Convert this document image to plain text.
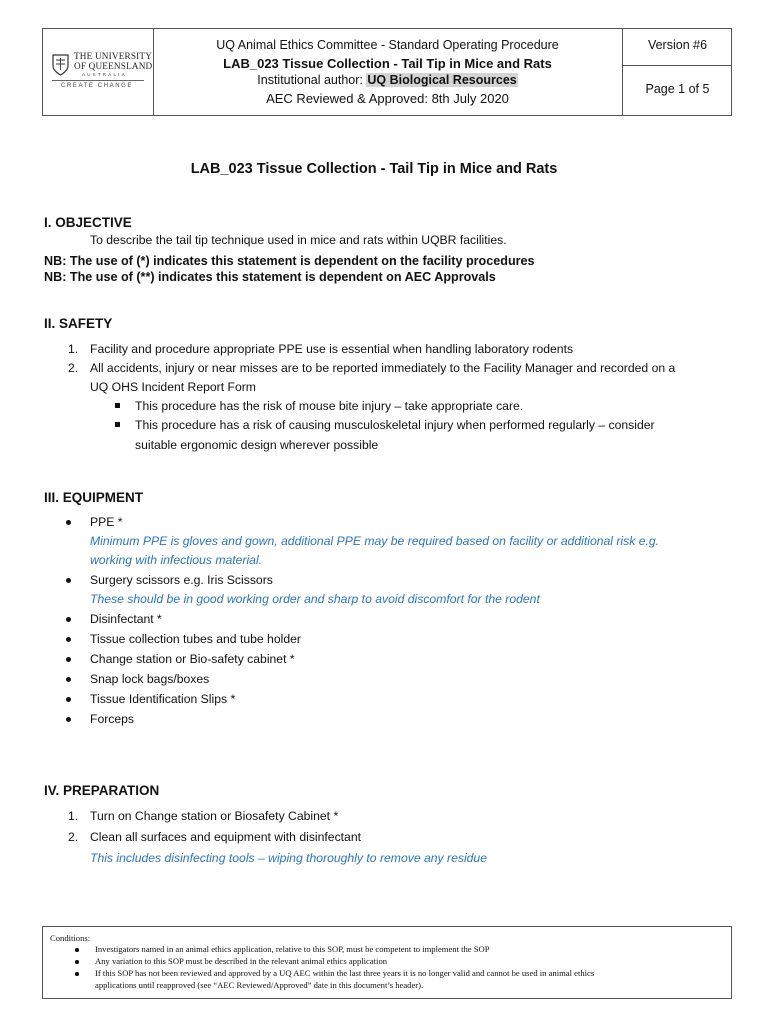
THE UNIVERSITY
OF QUEENSLAND
AUSTRALIA
CREATE CHANGE
UQ Animal Ethics Committee - Standard Operating Procedure
LAB_023 Tissue Collection - Tail Tip in Mice and Rats
Institutional author: UQ Biological Resources
AEC Reviewed & Approved: 8th July 2020
Version #6
Page 1 of 5
LAB_023 Tissue Collection - Tail Tip in Mice and Rats
I. OBJECTIVE
To describe the tail tip technique used in mice and rats within UQBR facilities.
NB: The use of (*) indicates this statement is dependent on the facility procedures
NB: The use of (**) indicates this statement is dependent on AEC Approvals
II. SAFETY
1. Facility and procedure appropriate PPE use is essential when handling laboratory rodents
2. All accidents, injury or near misses are to be reported immediately to the Facility Manager and recorded on a
UQ OHS Incident Report Form
This procedure has the risk of mouse bite injury – take appropriate care.
This procedure has a risk of causing musculoskeletal injury when performed regularly – consider
suitable ergonomic design wherever possible
III. EQUIPMENT
PPE *
Minimum PPE is gloves and gown, additional PPE may be required based on facility or additional risk e.g.
working with infectious material.
Surgery scissors e.g. Iris Scissors
These should be in good working order and sharp to avoid discomfort for the rodent
Disinfectant *
Tissue collection tubes and tube holder
Change station or Bio-safety cabinet *
Snap lock bags/boxes
Tissue Identification Slips *
Forceps
IV. PREPARATION
1. Turn on Change station or Biosafety Cabinet *
2. Clean all surfaces and equipment with disinfectant
This includes disinfecting tools – wiping thoroughly to remove any residue
Conditions:
Investigators named in an animal ethics application, relative to this SOP, must be competent to implement the SOP
Any variation to this SOP must be described in the relevant animal ethics application
If this SOP has not been reviewed and approved by a UQ AEC within the last three years it is no longer valid and cannot be used in animal ethics
applications until reapproved (see “AEC Reviewed/Approved” date in this document’s header).
